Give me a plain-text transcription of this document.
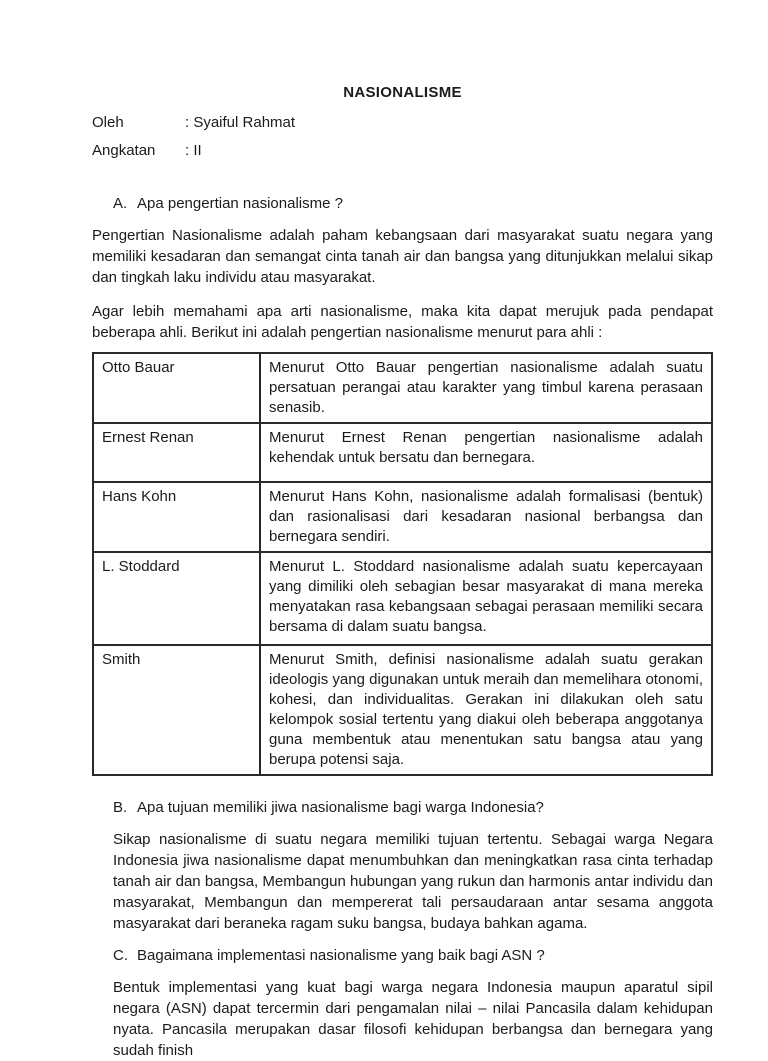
NASIONALISME
Oleh	: Syaiful Rahmat
Angkatan	: II
A. Apa pengertian nasionalisme ?

Pengertian Nasionalisme adalah paham kebangsaan dari masyarakat suatu negara yang memiliki kesadaran dan semangat cinta tanah air dan bangsa yang ditunjukkan melalui sikap dan tingkah laku individu atau masyarakat.

Agar lebih memahami apa arti nasionalisme, maka kita dapat merujuk pada pendapat beberapa ahli. Berikut ini adalah pengertian nasionalisme menurut para ahli :

Otto Bauar	Menurut Otto Bauar pengertian nasionalisme adalah suatu persatuan perangai atau karakter yang timbul karena perasaan senasib.
Ernest Renan	Menurut Ernest Renan pengertian nasionalisme adalah kehendak untuk bersatu dan bernegara.
Hans Kohn	Menurut Hans Kohn, nasionalisme adalah formalisasi (bentuk) dan rasionalisasi dari kesadaran nasional berbangsa dan bernegara sendiri.
L. Stoddard	Menurut L. Stoddard nasionalisme adalah suatu kepercayaan yang dimiliki oleh sebagian besar masyarakat di mana mereka menyatakan rasa kebangsaan sebagai perasaan memiliki secara bersama di dalam suatu bangsa.
Smith	Menurut Smith, definisi nasionalisme adalah suatu gerakan ideologis yang digunakan untuk meraih dan memelihara otonomi, kohesi, dan individualitas. Gerakan ini dilakukan oleh satu kelompok sosial tertentu yang diakui oleh beberapa anggotanya guna membentuk atau menentukan satu bangsa atau yang berupa potensi saja.
B. Apa tujuan memiliki jiwa nasionalisme bagi warga Indonesia?

Sikap nasionalisme di suatu negara memiliki tujuan tertentu. Sebagai warga Negara Indonesia jiwa nasionalisme dapat menumbuhkan dan meningkatkan rasa cinta terhadap tanah air dan bangsa, Membangun hubungan yang rukun dan harmonis antar individu dan masyarakat, Membangun dan mempererat tali persaudaraan antar sesama anggota masyarakat dari beraneka ragam suku bangsa, budaya bahkan agama.

C. Bagaimana implementasi nasionalisme yang baik bagi ASN ?

Bentuk implementasi yang kuat bagi warga negara Indonesia maupun aparatul sipil negara (ASN) dapat tercermin dari pengamalan nilai – nilai Pancasila dalam kehidupan nyata. Pancasila merupakan dasar filosofi kehidupan berbangsa dan bernegara yang sudah finish
